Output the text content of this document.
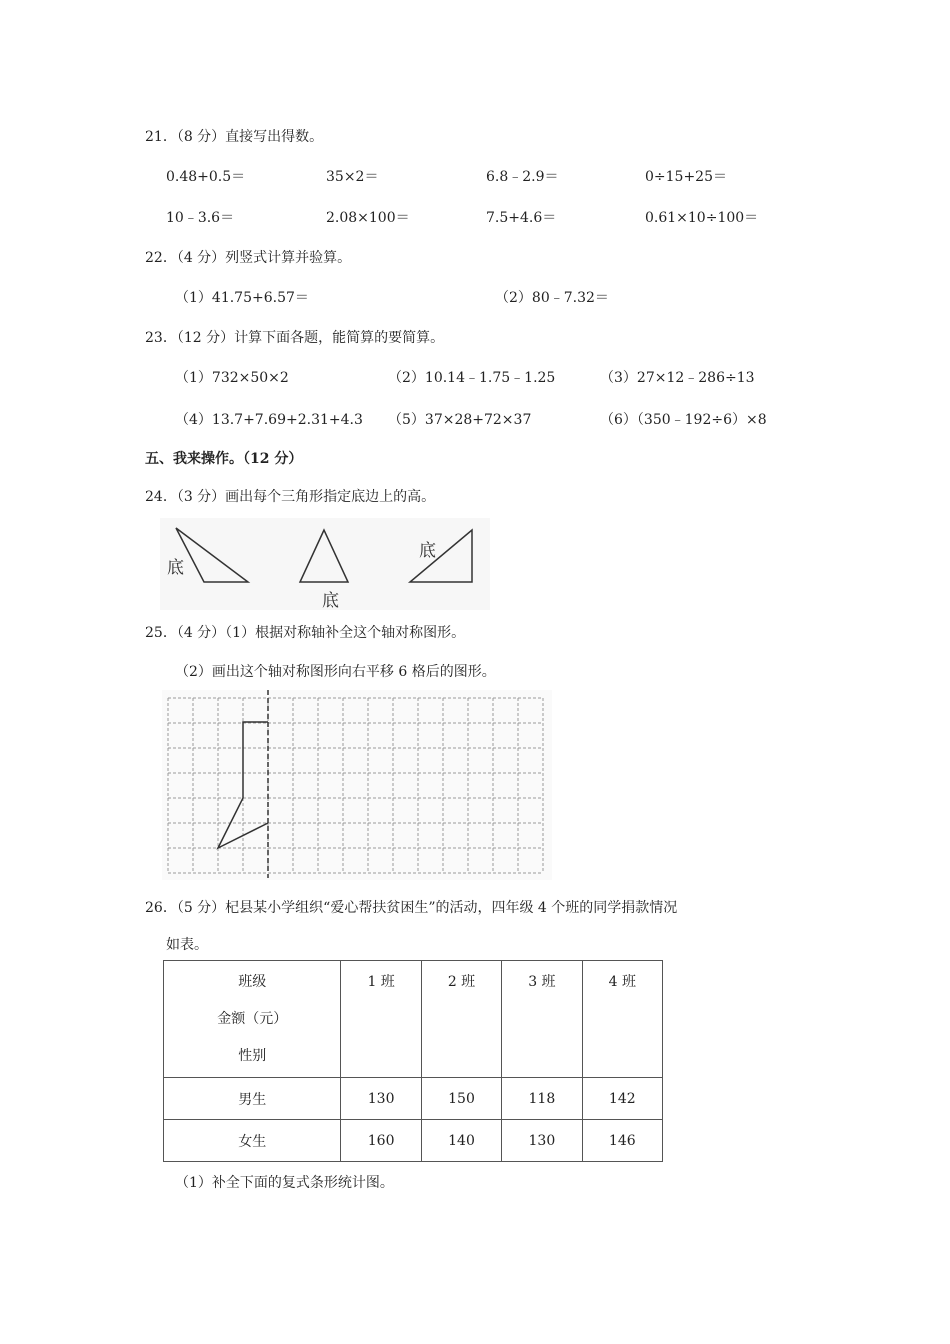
21．（8 分）直接写出得数。
0.48+0.5＝	35×2＝	6.8﹣2.9＝	0÷15+25＝
10﹣3.6＝	2.08×100＝	7.5+4.6＝	0.61×10÷100＝
22．（4 分）列竖式计算并验算。
（1）41.75+6.57＝	（2）80﹣7.32＝
23．（12 分）计算下面各题，能简算的要简算。
（1）732×50×2	（2）10.14﹣1.75﹣1.25	（3）27×12﹣286÷13
（4）13.7+7.69+2.31+4.3 （5）37×28+72×37	（6）（350﹣192÷6）×8
五、我来操作。（12 分）
24．（3 分）画出每个三角形指定底边上的高。
底
底
底
25．（4 分）（1）根据对称轴补全这个轴对称图形。
（2）画出这个轴对称图形向右平移 6 格后的图形。
26．（5 分）杞县某小学组织“爱心帮扶贫困生”的活动，四年级 4 个班的同学捐款情况
如表。
班级
金额（元）
性别	1 班	2 班	3 班	4 班
男生	130	150	118	142
女生	160	140	130	146
（1）补全下面的复式条形统计图。
